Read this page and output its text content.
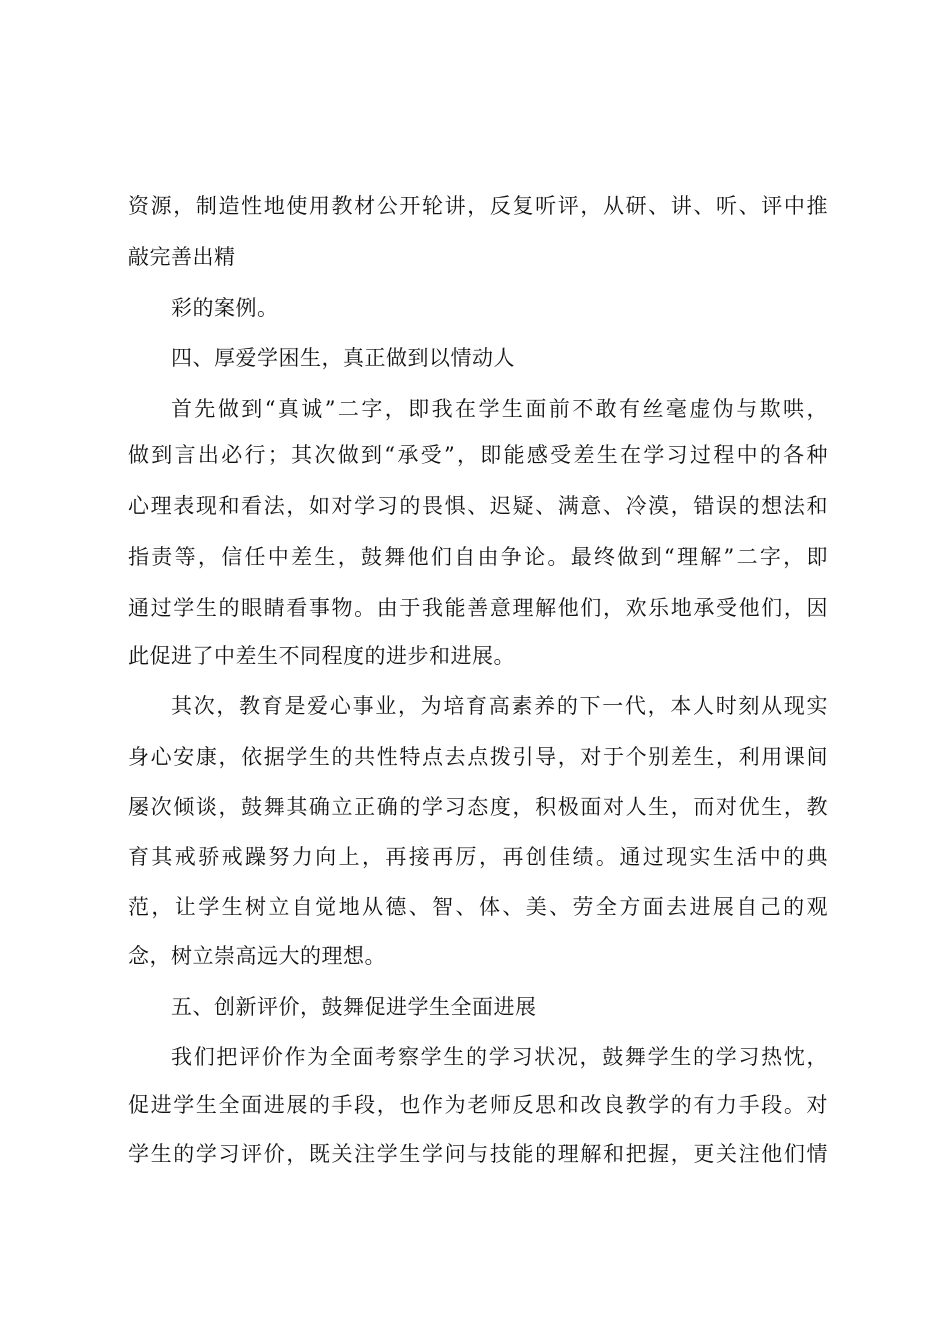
资源，制造性地使用教材公开轮讲，反复听评，从研、讲、听、评中推
敲完善出精
彩的案例。
四、厚爱学困生，真正做到以情动人
首先做到“真诚”二字，即我在学生面前不敢有丝毫虚伪与欺哄，
做到言出必行；其次做到“承受”，即能感受差生在学习过程中的各种
心理表现和看法，如对学习的畏惧、迟疑、满意、冷漠，错误的想法和
指责等，信任中差生，鼓舞他们自由争论。最终做到“理解”二字，即
通过学生的眼睛看事物。由于我能善意理解他们，欢乐地承受他们，因
此促进了中差生不同程度的进步和进展。
其次，教育是爱心事业，为培育高素养的下一代，本人时刻从现实
身心安康，依据学生的共性特点去点拨引导，对于个别差生，利用课间
屡次倾谈，鼓舞其确立正确的学习态度，积极面对人生，而对优生，教
育其戒骄戒躁努力向上，再接再厉，再创佳绩。通过现实生活中的典
范，让学生树立自觉地从德、智、体、美、劳全方面去进展自己的观
念，树立崇高远大的理想。
五、创新评价，鼓舞促进学生全面进展
我们把评价作为全面考察学生的学习状况，鼓舞学生的学习热忱，
促进学生全面进展的手段，也作为老师反思和改良教学的有力手段。对
学生的学习评价，既关注学生学问与技能的理解和把握，更关注他们情
